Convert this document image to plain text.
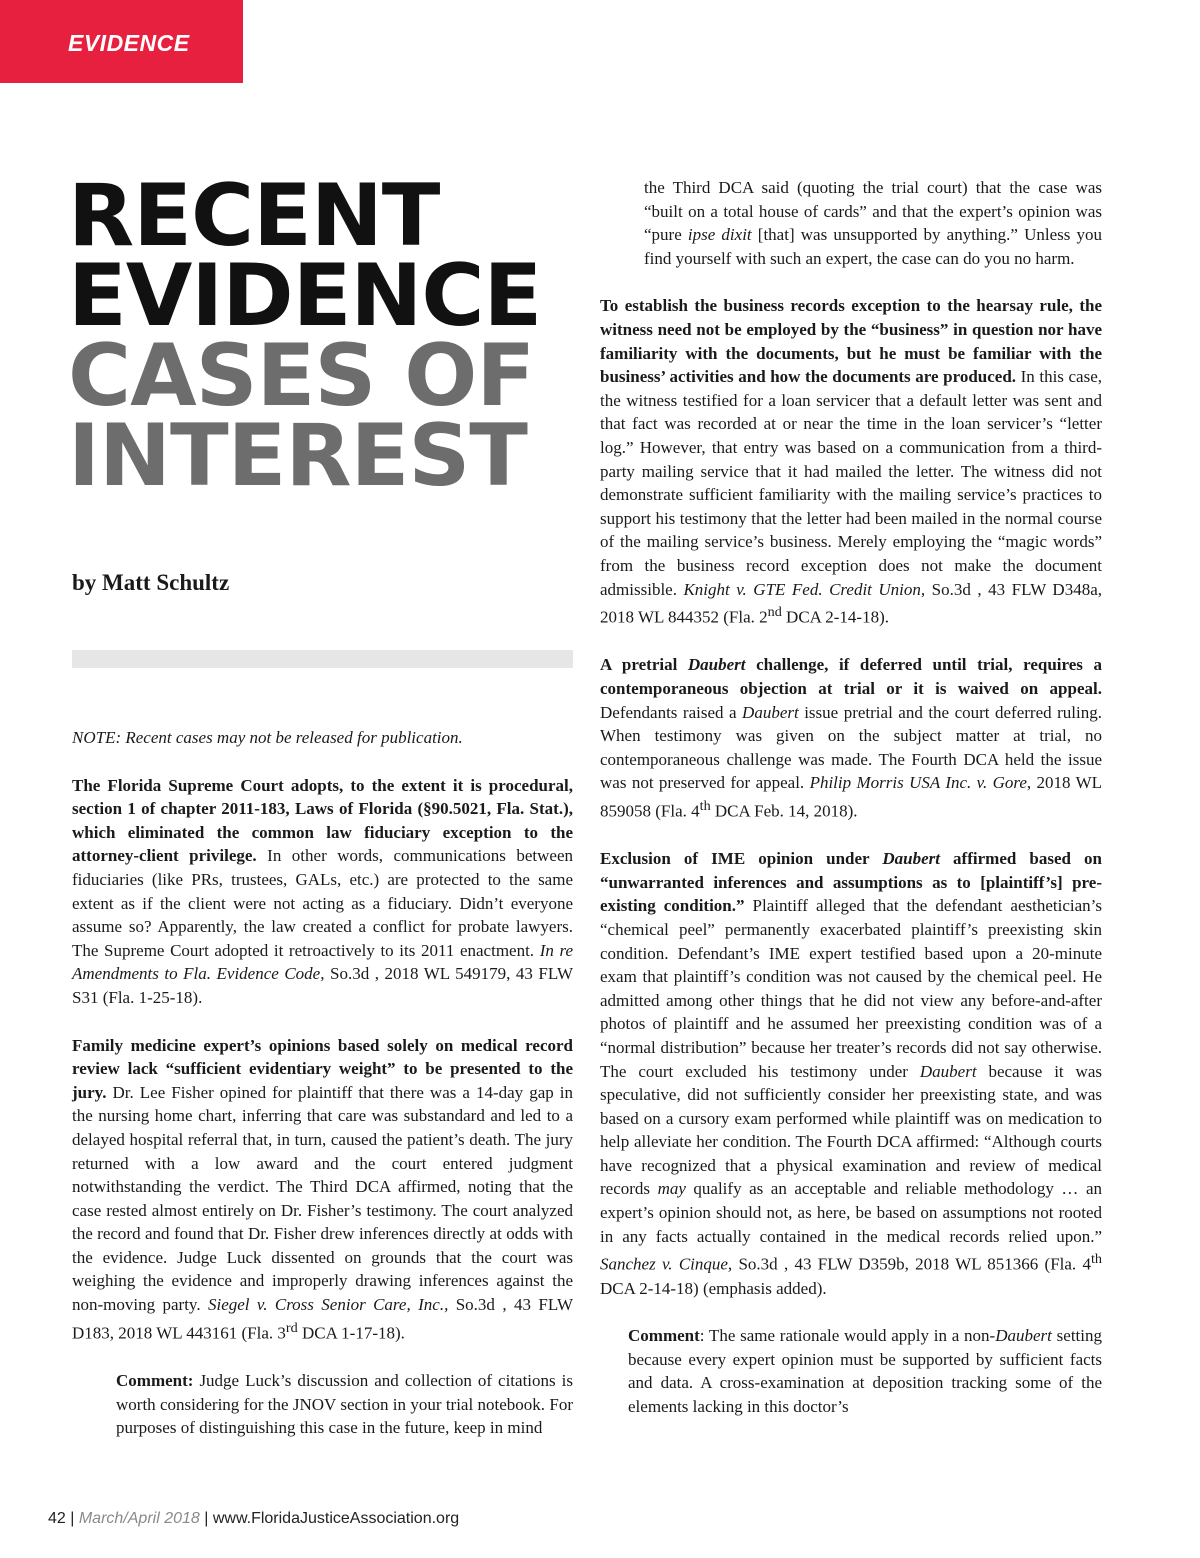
EVIDENCE
RECENT
EVIDENCE
CASES OF
INTEREST
by Matt Schultz

NOTE: Recent cases may not be released for publication.

The Florida Supreme Court adopts, to the extent it is procedural, section 1 of chapter 2011-183, Laws of Florida (§90.5021, Fla. Stat.), which eliminated the common law fiduciary exception to the attorney-client privilege. In other words, communications between fiduciaries (like PRs, trustees, GALs, etc.) are protected to the same extent as if the client were not acting as a fiduciary. Didn’t everyone assume so? Apparently, the law created a conflict for probate lawyers. The Supreme Court adopted it retroactively to its 2011 enactment. In re Amendments to Fla. Evidence Code, So.3d , 2018 WL 549179, 43 FLW S31 (Fla. 1-25-18).

Family medicine expert’s opinions based solely on medical record review lack “sufficient evidentiary weight” to be presented to the jury. Dr. Lee Fisher opined for plaintiff that there was a 14-day gap in the nursing home chart, inferring that care was substandard and led to a delayed hospital referral that, in turn, caused the patient’s death. The jury returned with a low award and the court entered judgment notwithstanding the verdict. The Third DCA affirmed, noting that the case rested almost entirely on Dr. Fisher’s testimony. The court analyzed the record and found that Dr. Fisher drew inferences directly at odds with the evidence. Judge Luck dissented on grounds that the court was weighing the evidence and improperly drawing inferences against the non-moving party. Siegel v. Cross Senior Care, Inc., So.3d , 43 FLW D183, 2018 WL 443161 (Fla. 3rd DCA 1-17-18).

Comment: Judge Luck’s discussion and collection of citations is worth considering for the JNOV section in your trial notebook. For purposes of distinguishing this case in the future, keep in mind

the Third DCA said (quoting the trial court) that the case was “built on a total house of cards” and that the expert’s opinion was “pure ipse dixit [that] was unsupported by anything.” Unless you find yourself with such an expert, the case can do you no harm.

To establish the business records exception to the hearsay rule, the witness need not be employed by the “business” in question nor have familiarity with the documents, but he must be familiar with the business’ activities and how the documents are produced. In this case, the witness testified for a loan servicer that a default letter was sent and that fact was recorded at or near the time in the loan servicer’s “letter log.” However, that entry was based on a communication from a third-party mailing service that it had mailed the letter. The witness did not demonstrate sufficient familiarity with the mailing service’s practices to support his testimony that the letter had been mailed in the normal course of the mailing service’s business. Merely employing the “magic words” from the business record exception does not make the document admissible. Knight v. GTE Fed. Credit Union, So.3d , 43 FLW D348a, 2018 WL 844352 (Fla. 2nd DCA 2-14-18).

A pretrial Daubert challenge, if deferred until trial, requires a contemporaneous objection at trial or it is waived on appeal. Defendants raised a Daubert issue pretrial and the court deferred ruling. When testimony was given on the subject matter at trial, no contemporaneous challenge was made. The Fourth DCA held the issue was not preserved for appeal. Philip Morris USA Inc. v. Gore, 2018 WL 859058 (Fla. 4th DCA Feb. 14, 2018).

Exclusion of IME opinion under Daubert affirmed based on “unwarranted inferences and assumptions as to [plaintiff’s] pre-existing condition.” Plaintiff alleged that the defendant aesthetician’s “chemical peel” permanently exacerbated plaintiff’s preexisting skin condition. Defendant’s IME expert testified based upon a 20-minute exam that plaintiff’s condition was not caused by the chemical peel. He admitted among other things that he did not view any before-and-after photos of plaintiff and he assumed her preexisting condition was of a “normal distribution” because her treater’s records did not say otherwise. The court excluded his testimony under Daubert because it was speculative, did not sufficiently consider her preexisting state, and was based on a cursory exam performed while plaintiff was on medication to help alleviate her condition. The Fourth DCA affirmed: “Although courts have recognized that a physical examination and review of medical records may qualify as an acceptable and reliable methodology … an expert’s opinion should not, as here, be based on assumptions not rooted in any facts actually contained in the medical records relied upon.” Sanchez v. Cinque, So.3d , 43 FLW D359b, 2018 WL 851366 (Fla. 4th DCA 2-14-18) (emphasis added).

Comment: The same rationale would apply in a non-Daubert setting because every expert opinion must be supported by sufficient facts and data. A cross-examination at deposition tracking some of the elements lacking in this doctor’s

42 | March/April 2018 | www.FloridaJusticeAssociation.org
